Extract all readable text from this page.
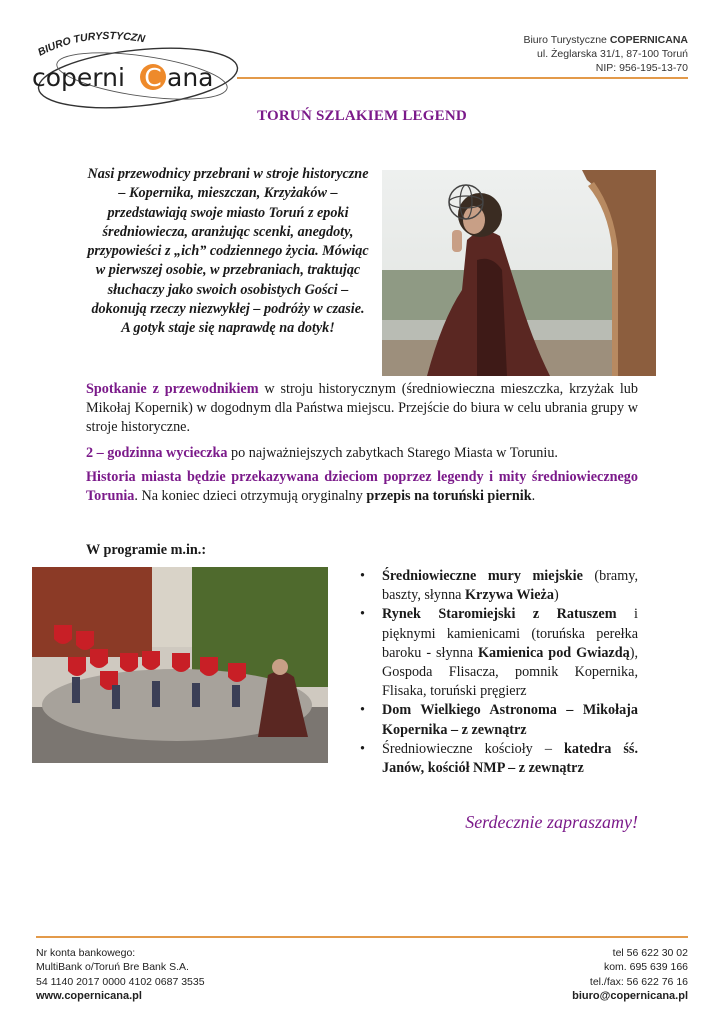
BIURO TURYSTYCZN
coperni C ana
Biuro Turystyczne COPERNICANA
ul. Żeglarska 31/1, 87-100 Toruń
NIP: 956-195-13-70
TORUŃ SZLAKIEM LEGEND
Nasi przewodnicy przebrani w stroje historyczne – Kopernika, mieszczan, Krzyżaków – przedstawiają swoje miasto Toruń z epoki średniowiecza, aranżując scenki, anegdoty, przypowieści z „ich” codziennego życia. Mówiąc w pierwszej osobie, w przebraniach, traktując słuchaczy jako swoich osobistych Gości – dokonują rzeczy niezwykłej – podróży w czasie. A gotyk staje się naprawdę na dotyk!
Spotkanie z przewodnikiem w stroju historycznym (średniowieczna mieszczka, krzyżak lub Mikołaj Kopernik) w dogodnym dla Państwa miejscu. Przejście do biura w celu ubrania grupy w stroje historyczne.
2 – godzinna wycieczka po najważniejszych zabytkach Starego Miasta w Toruniu.
Historia miasta będzie przekazywana dzieciom poprzez legendy i mity średniowiecznego Torunia. Na koniec dzieci otrzymują oryginalny przepis na toruński piernik.
W programie m.in.:
• Średniowieczne mury miejskie (bramy, baszty, słynna Krzywa Wieża)
• Rynek Staromiejski z Ratuszem i pięknymi kamienicami (toruńska perełka baroku - słynna Kamienica pod Gwiazdą), Gospoda Flisacza, pomnik Kopernika, Flisaka, toruński pręgierz
• Dom Wielkiego Astronoma – Mikołaja Kopernika – z zewnątrz
• Średniowieczne kościoły – katedra śś. Janów, kościół NMP – z zewnątrz
Serdecznie zapraszamy!
Nr konta bankowego:
MultiBank o/Toruń Bre Bank S.A.
54 1140 2017 0000 4102 0687 3535
www.copernicana.pl
tel 56 622 30 02
kom. 695 639 166
tel./fax: 56 622 76 16
biuro@copernicana.pl
